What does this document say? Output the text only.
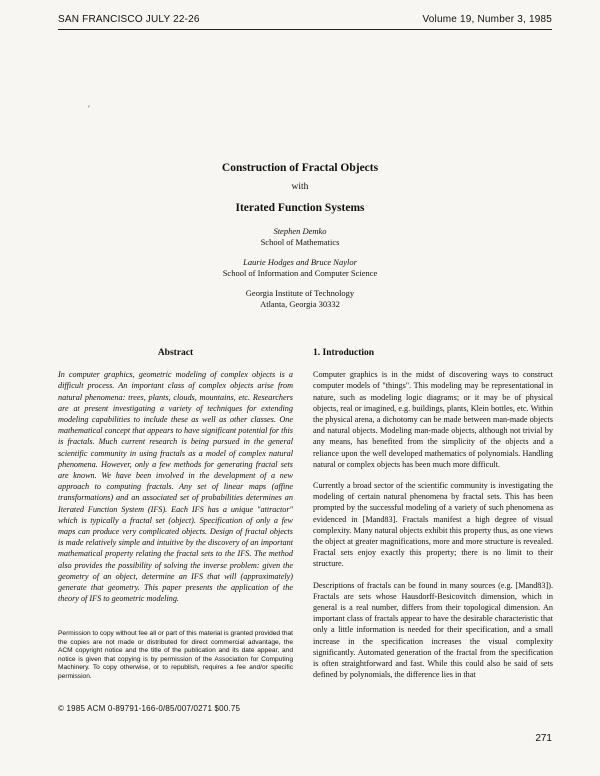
SAN FRANCISCO JULY 22-26	Volume 19, Number 3, 1985
′
Construction of Fractal Objects
with
Iterated Function Systems
Stephen Demko
School of Mathematics
Laurie Hodges and Bruce Naylor
School of Information and Computer Science
Georgia Institute of Technology
Atlanta, Georgia 30332
Abstract

In computer graphics, geometric modeling of complex objects is a difficult process. An important class of complex objects arise from natural phenomena: trees, plants, clouds, mountains, etc. Researchers are at present investigating a variety of techniques for extending modeling capabilities to include these as well as other classes. One mathematical concept that appears to have significant potential for this is fractals. Much current research is being pursued in the general scientific community in using fractals as a model of complex natural phenomena. However, only a few methods for generating fractal sets are known. We have been involved in the development of a new approach to computing fractals. Any set of linear maps (affine transformations) and an associated set of probabilities determines an Iterated Function System (IFS). Each IFS has a unique "attractor" which is typically a fractal set (object). Specification of only a few maps can produce very complicated objects. Design of fractal objects is made relatively simple and intuitive by the discovery of an important mathematical property relating the fractal sets to the IFS. The method also provides the possibility of solving the inverse problem: given the geometry of an object, determine an IFS that will (approximately) generate that geometry. This paper presents the application of the theory of IFS to geometric modeling.

Permission to copy without fee all or part of this material is granted provided that the copies are not made or distributed for direct commercial advantage, the ACM copyright notice and the title of the publication and its date appear, and notice is given that copying is by permission of the Association for Computing Machinery. To copy otherwise, or to republish, requires a fee and/or specific permission.
© 1985 ACM 0-89791-166-0/85/007/0271 $00.75
1. Introduction

Computer graphics is in the midst of discovering ways to construct computer models of "things". This modeling may be representational in nature, such as modeling logic diagrams; or it may be of physical objects, real or imagined, e.g. buildings, plants, Klein bottles, etc. Within the physical arena, a dichotomy can be made between man-made objects and natural objects. Modeling man-made objects, although not trivial by any means, has benefited from the simplicity of the objects and a reliance upon the well developed mathematics of polynomials. Handling natural or complex objects has been much more difficult.

Currently a broad sector of the scientific community is investigating the modeling of certain natural phenomena by fractal sets. This has been prompted by the successful modeling of a variety of such phenomena as evidenced in [Mand83]. Fractals manifest a high degree of visual complexity. Many natural objects exhibit this property thus, as one views the object at greater magnifications, more and more structure is revealed. Fractal sets enjoy exactly this property; there is no limit to their structure.

Descriptions of fractals can be found in many sources (e.g. [Mand83]). Fractals are sets whose Hausdorff-Besicovitch dimension, which in general is a real number, differs from their topological dimension. An important class of fractals appear to have the desirable characteristic that only a little information is needed for their specification, and a small increase in the specification increases the visual complexity significantly. Automated generation of the fractal from the specification is often straightforward and fast. While this could also be said of sets defined by polynomials, the difference lies in that

271
